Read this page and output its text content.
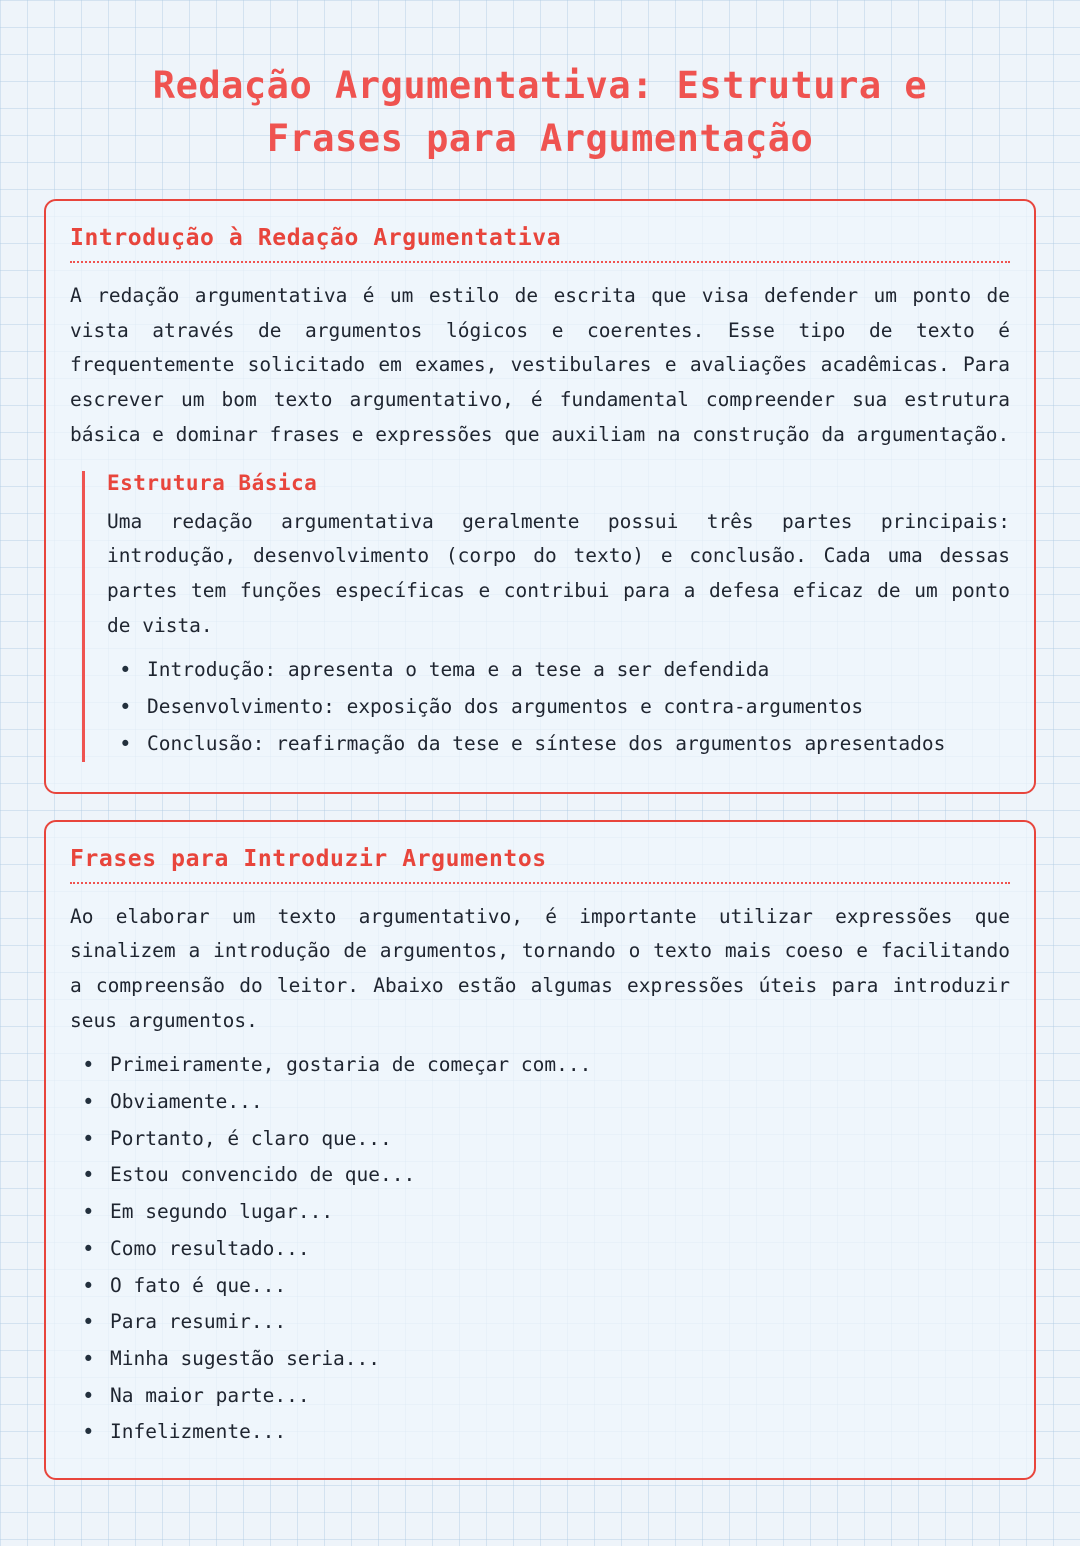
Redação Argumentativa: Estrutura e Frases para Argumentação
Introdução à Redação Argumentativa

A redação argumentativa é um estilo de escrita que visa defender um ponto de vista através de argumentos lógicos e coerentes. Esse tipo de texto é frequentemente solicitado em exames, vestibulares e avaliações acadêmicas. Para escrever um bom texto argumentativo, é fundamental compreender sua estrutura básica e dominar frases e expressões que auxiliam na construção da argumentação.

Estrutura Básica

Uma redação argumentativa geralmente possui três partes principais: introdução, desenvolvimento (corpo do texto) e conclusão. Cada uma dessas partes tem funções específicas e contribui para a defesa eficaz de um ponto de vista.

• Introdução: apresenta o tema e a tese a ser defendida
• Desenvolvimento: exposição dos argumentos e contra-argumentos
• Conclusão: reafirmação da tese e síntese dos argumentos apresentados
Frases para Introduzir Argumentos

Ao elaborar um texto argumentativo, é importante utilizar expressões que sinalizem a introdução de argumentos, tornando o texto mais coeso e facilitando a compreensão do leitor. Abaixo estão algumas expressões úteis para introduzir seus argumentos.

• Primeiramente, gostaria de começar com...
• Obviamente...
• Portanto, é claro que...
• Estou convencido de que...
• Em segundo lugar...
• Como resultado...
• O fato é que...
• Para resumir...
• Minha sugestão seria...
• Na maior parte...
• Infelizmente...
